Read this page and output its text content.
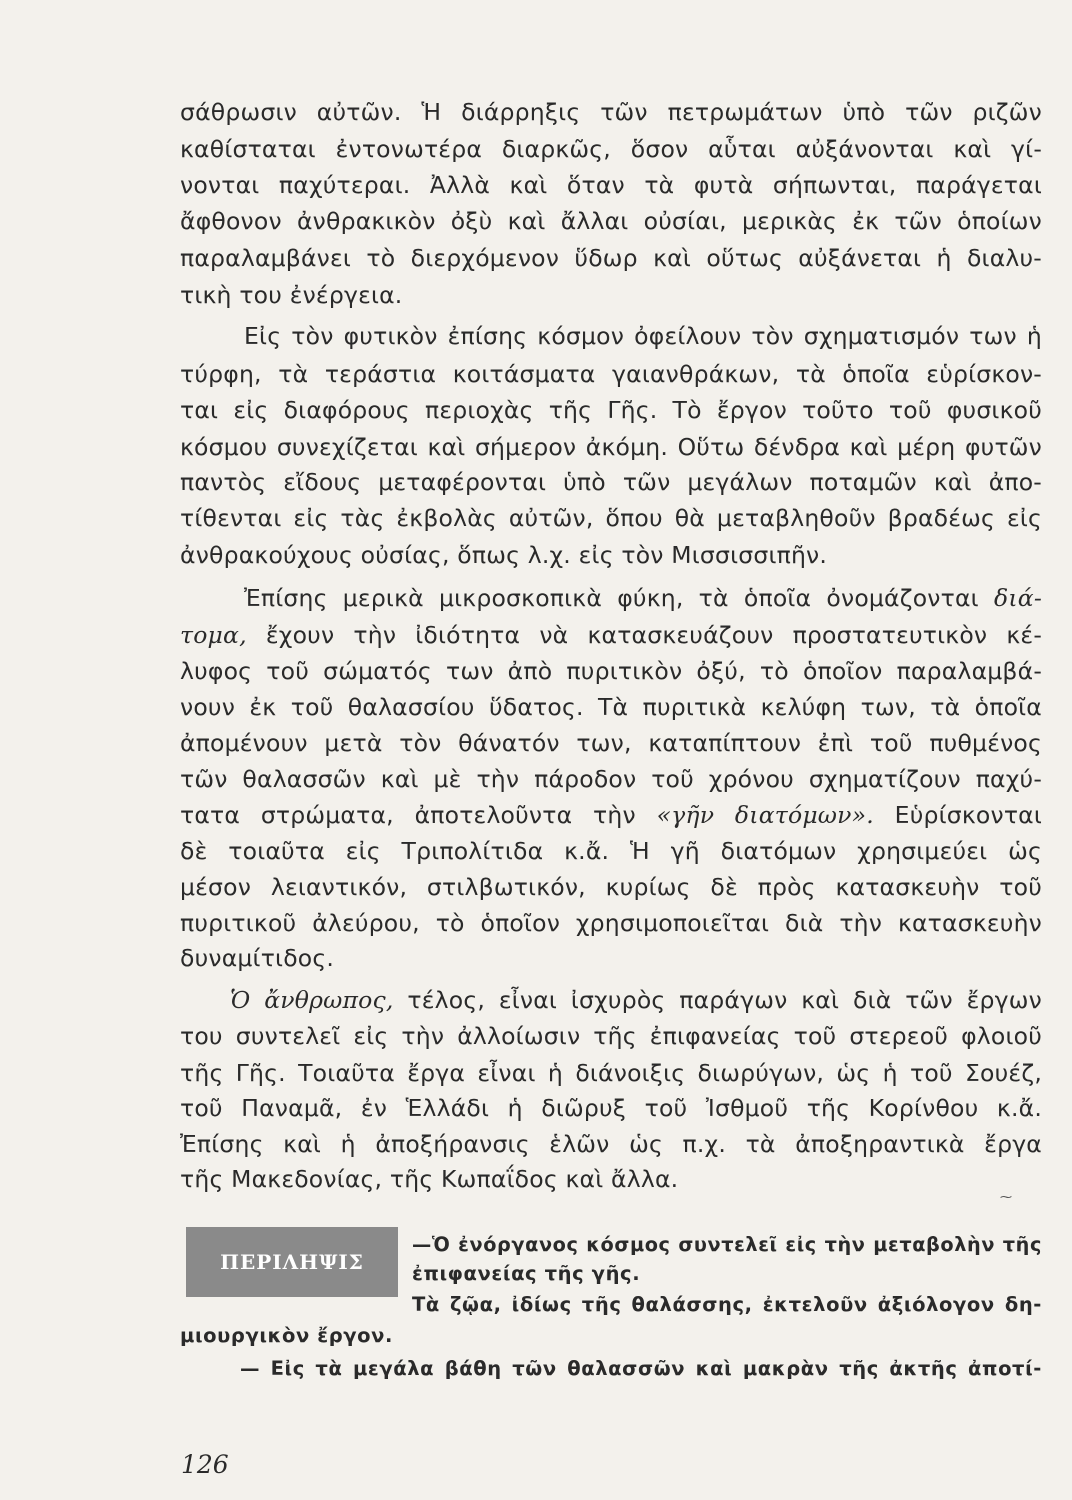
σάθρωσιν αὐτῶν. Ἡ διάρρηξις τῶν πετρωμάτων ὑπὸ τῶν ριζῶν
καθίσταται ἐντονωτέρα διαρκῶς, ὅσον αὗται αὐξάνονται καὶ γί-
νονται παχύτεραι. Ἀλλὰ καὶ ὅταν τὰ φυτὰ σήπωνται, παράγεται
ἄφθονον ἀνθρακικὸν ὀξὺ καὶ ἄλλαι οὐσίαι, μερικὰς ἐκ τῶν ὁποίων
παραλαμβάνει τὸ διερχόμενον ὕδωρ καὶ οὕτως αὐξάνεται ἡ διαλυ-
τικὴ του ἐνέργεια.
Εἰς τὸν φυτικὸν ἐπίσης κόσμον ὀφείλουν τὸν σχηματισμόν των ἡ
τύρφη, τὰ τεράστια κοιτάσματα γαιανθράκων, τὰ ὁποῖα εὑρίσκον-
ται εἰς διαφόρους περιοχὰς τῆς Γῆς. Τὸ ἔργον τοῦτο τοῦ φυσικοῦ
κόσμου συνεχίζεται καὶ σήμερον ἀκόμη. Οὕτω δένδρα καὶ μέρη φυτῶν
παντὸς εἴδους μεταφέρονται ὑπὸ τῶν μεγάλων ποταμῶν καὶ ἀπο-
τίθενται εἰς τὰς ἐκβολὰς αὐτῶν, ὅπου θὰ μεταβληθοῦν βραδέως εἰς
ἀνθρακούχους οὐσίας, ὅπως λ.χ. εἰς τὸν Μισσισσιπῆν.
Ἐπίσης μερικὰ μικροσκοπικὰ φύκη, τὰ ὁποῖα ὀνομάζονται διά-
τομα, ἔχουν τὴν ἰδιότητα νὰ κατασκευάζουν προστατευτικὸν κέ-
λυφος τοῦ σώματός των ἀπὸ πυριτικὸν ὀξύ, τὸ ὁποῖον παραλαμβά-
νουν ἐκ τοῦ θαλασσίου ὕδατος. Τὰ πυριτικὰ κελύφη των, τὰ ὁποῖα
ἀπομένουν μετὰ τὸν θάνατόν των, καταπίπτουν ἐπὶ τοῦ πυθμένος
τῶν θαλασσῶν καὶ μὲ τὴν πάροδον τοῦ χρόνου σχηματίζουν παχύ-
τατα στρώματα, ἀποτελοῦντα τὴν «γῆν διατόμων». Εὑρίσκονται
δὲ τοιαῦτα εἰς Τριπολίτιδα κ.ἄ. Ἡ γῆ διατόμων χρησιμεύει ὡς
μέσον λειαντικόν, στιλβωτικόν, κυρίως δὲ πρὸς κατασκευὴν τοῦ
πυριτικοῦ ἀλεύρου, τὸ ὁποῖον χρησιμοποιεῖται διὰ τὴν κατασκευὴν
δυναμίτιδος.
Ὁ ἄνθρωπος, τέλος, εἶναι ἰσχυρὸς παράγων καὶ διὰ τῶν ἔργων
του συντελεῖ εἰς τὴν ἀλλοίωσιν τῆς ἐπιφανείας τοῦ στερεοῦ φλοιοῦ
τῆς Γῆς. Τοιαῦτα ἔργα εἶναι ἡ διάνοιξις διωρύγων, ὡς ἡ τοῦ Σουέζ,
τοῦ Παναμᾶ, ἐν Ἑλλάδι ἡ διῶρυξ τοῦ Ἰσθμοῦ τῆς Κορίνθου κ.ἄ.
Ἐπίσης καὶ ἡ ἀποξήρανσις ἑλῶν ὡς π.χ. τὰ ἀποξηραντικὰ ἔργα
τῆς Μακεδονίας, τῆς Κωπαΐδος καὶ ἄλλα.
⁓
ΠΕΡΙΛΗΨΙΣ
—Ὁ ἐνόργανος κόσμος συντελεῖ εἰς τὴν μεταβολὴν τῆς
ἐπιφανείας τῆς γῆς.
Τὰ ζῷα, ἰδίως τῆς θαλάσσης, ἐκτελοῦν ἀξιόλογον δη-
μιουργικὸν ἔργον.
— Εἰς τὰ μεγάλα βάθη τῶν θαλασσῶν καὶ μακρὰν τῆς ἀκτῆς ἀποτί-
126
